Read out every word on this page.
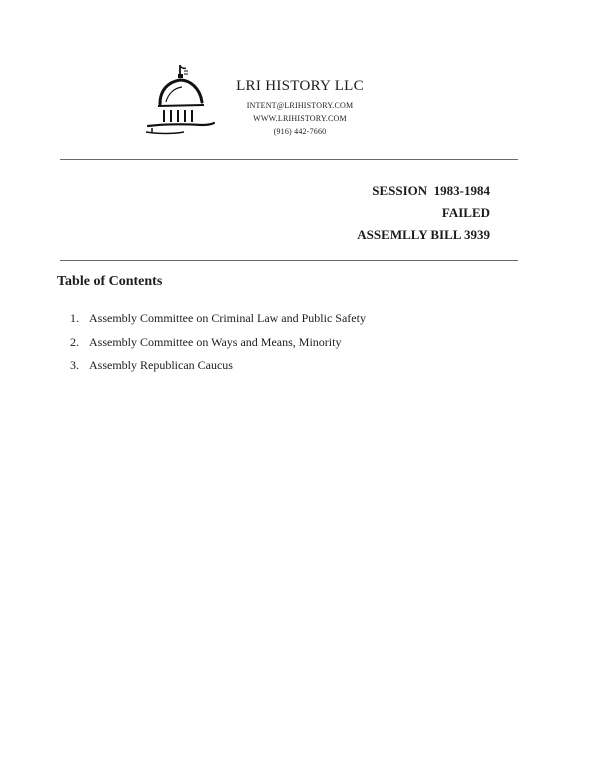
LRI HISTORY LLC
INTENT@LRIHISTORY.COM
WWW.LRIHISTORY.COM
(916) 442-7660
SESSION  1983-1984
FAILED
ASSEMLLY BILL 3939
Table of Contents
1. Assembly Committee on Criminal Law and Public Safety
2. Assembly Committee on Ways and Means, Minority
3. Assembly Republican Caucus
